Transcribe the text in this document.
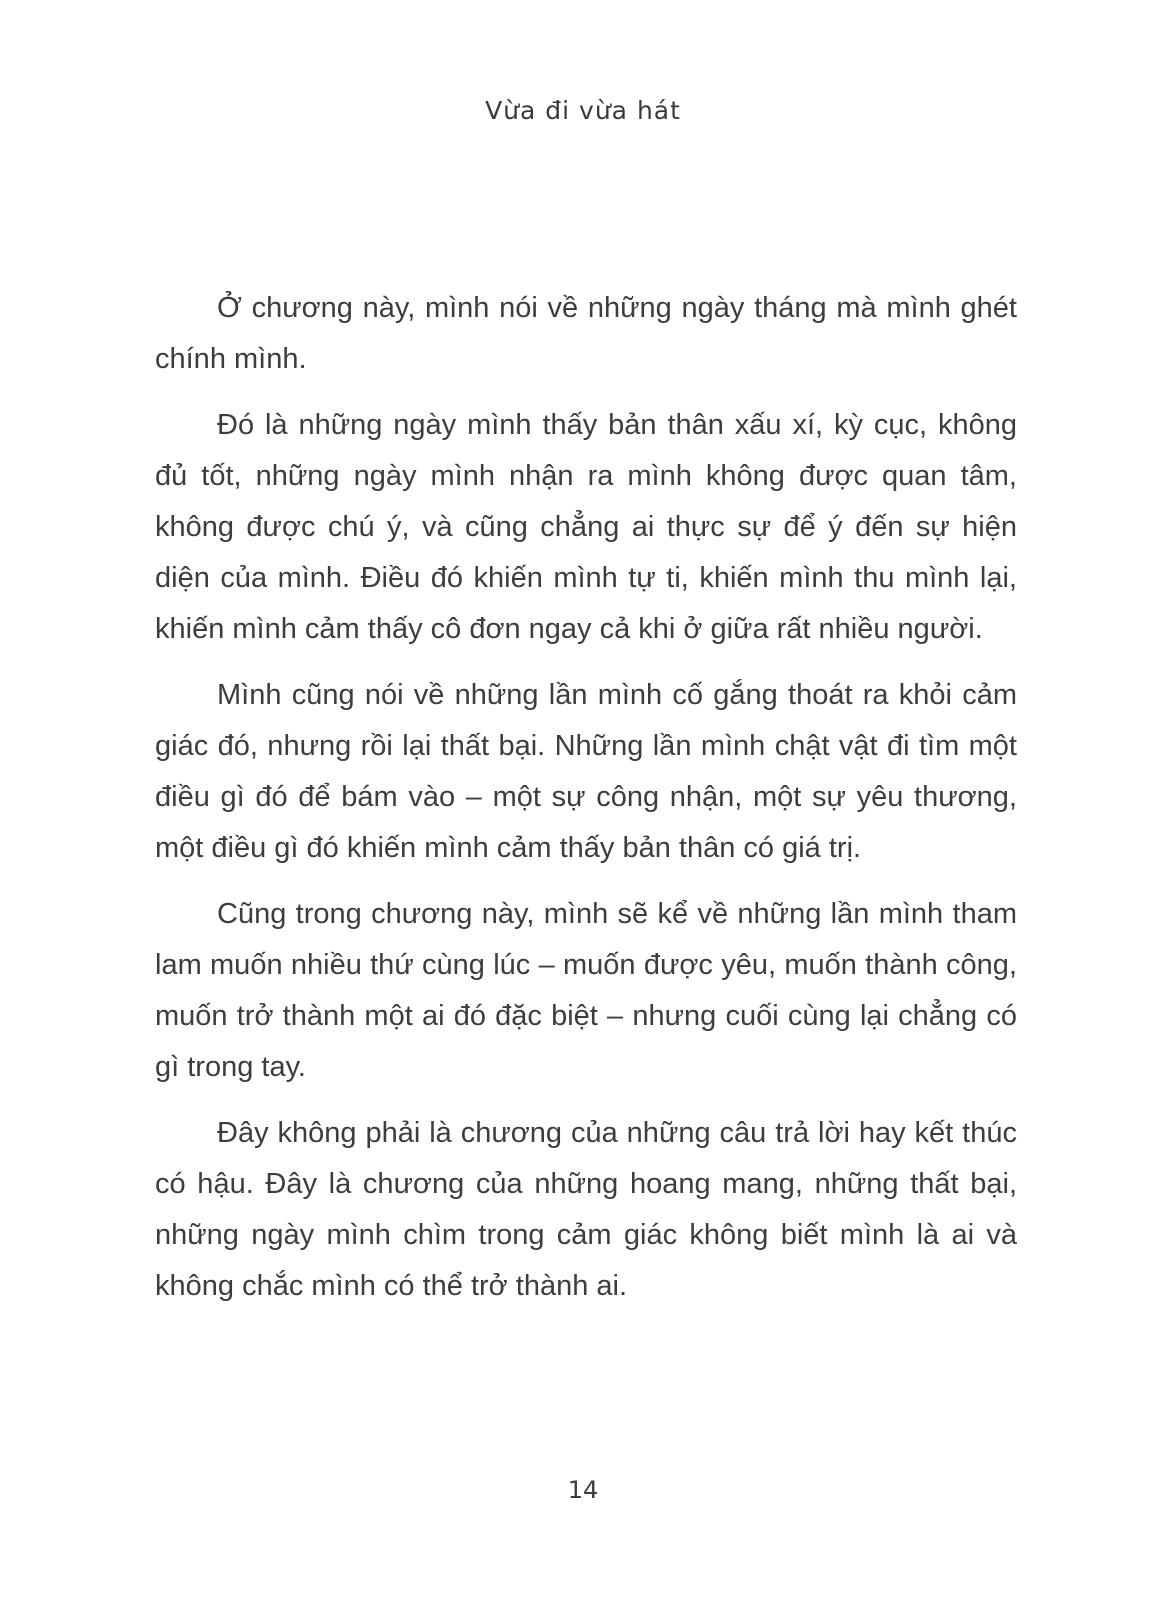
Vừa đi vừa hát

Ở chương này, mình nói về những ngày tháng mà mình ghét chính mình.

Đó là những ngày mình thấy bản thân xấu xí, kỳ cục, không đủ tốt, những ngày mình nhận ra mình không được quan tâm, không được chú ý, và cũng chẳng ai thực sự để ý đến sự hiện diện của mình. Điều đó khiến mình tự ti, khiến mình thu mình lại, khiến mình cảm thấy cô đơn ngay cả khi ở giữa rất nhiều người.

Mình cũng nói về những lần mình cố gắng thoát ra khỏi cảm giác đó, nhưng rồi lại thất bại. Những lần mình chật vật đi tìm một điều gì đó để bám vào – một sự công nhận, một sự yêu thương, một điều gì đó khiến mình cảm thấy bản thân có giá trị.

Cũng trong chương này, mình sẽ kể về những lần mình tham lam muốn nhiều thứ cùng lúc – muốn được yêu, muốn thành công, muốn trở thành một ai đó đặc biệt – nhưng cuối cùng lại chẳng có gì trong tay.

Đây không phải là chương của những câu trả lời hay kết thúc có hậu. Đây là chương của những hoang mang, những thất bại, những ngày mình chìm trong cảm giác không biết mình là ai và không chắc mình có thể trở thành ai.

14
